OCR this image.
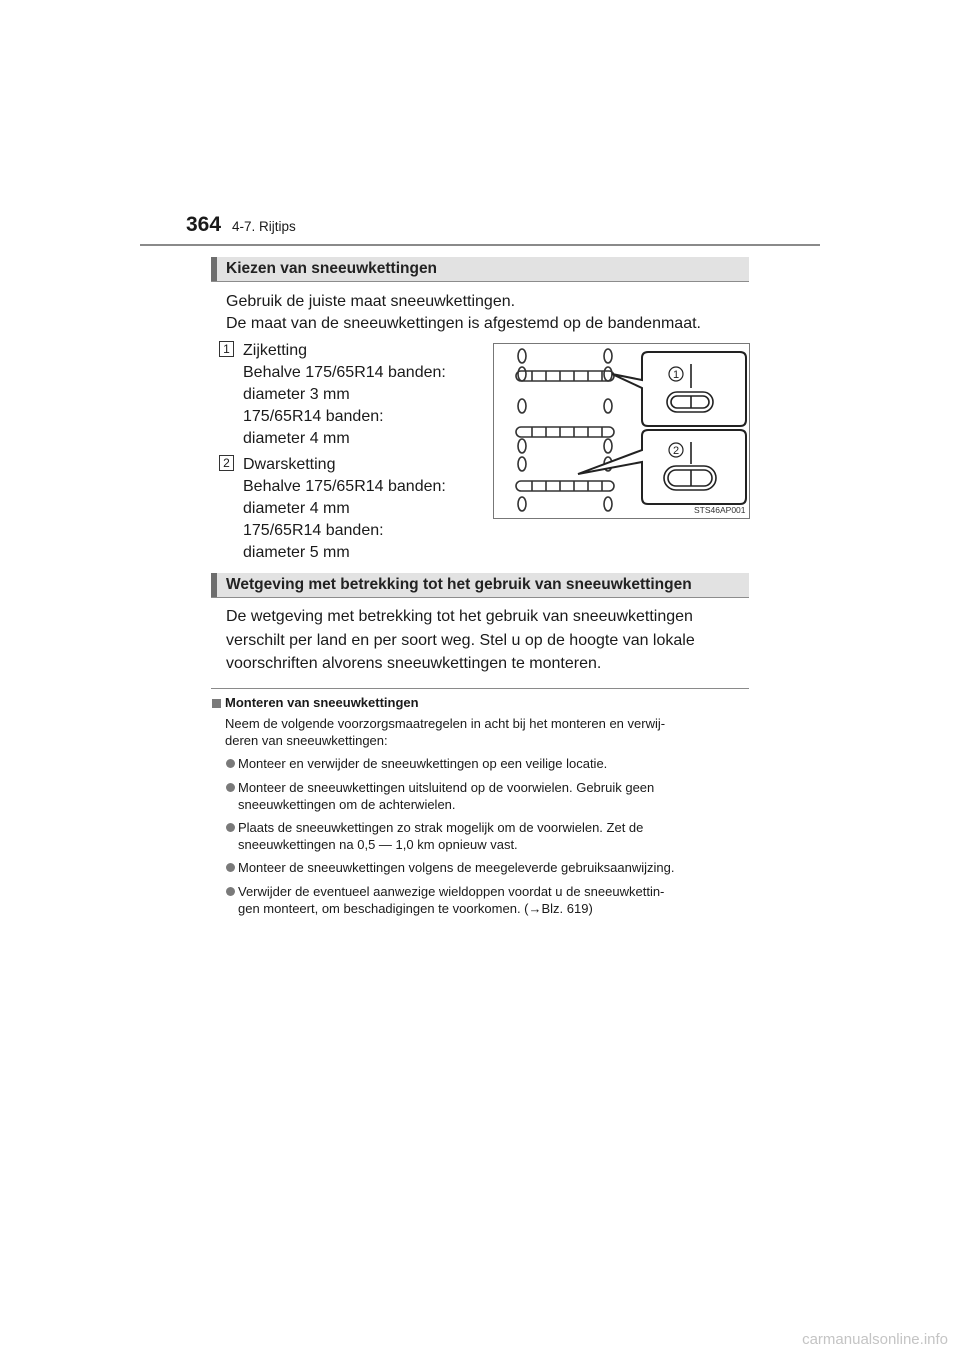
364 4-7. Rijtips
Kiezen van sneeuwkettingen
Gebruik de juiste maat sneeuwkettingen.
De maat van de sneeuwkettingen is afgestemd op de bandenmaat.
1 Zijketting
Behalve 175/65R14 banden:
diameter 3 mm
175/65R14 banden:
diameter 4 mm
2 Dwarsketting
Behalve 175/65R14 banden:
diameter 4 mm
175/65R14 banden:
diameter 5 mm
1
2
STS46AP001
Wetgeving met betrekking tot het gebruik van sneeuwkettingen
De wetgeving met betrekking tot het gebruik van sneeuwkettingen
verschilt per land en per soort weg. Stel u op de hoogte van lokale
voorschriften alvorens sneeuwkettingen te monteren.
Monteren van sneeuwkettingen
Neem de volgende voorzorgsmaatregelen in acht bij het monteren en verwij-
deren van sneeuwkettingen:
Monteer en verwijder de sneeuwkettingen op een veilige locatie.
Monteer de sneeuwkettingen uitsluitend op de voorwielen. Gebruik geen
sneeuwkettingen om de achterwielen.
Plaats de sneeuwkettingen zo strak mogelijk om de voorwielen. Zet de
sneeuwkettingen na 0,5 — 1,0 km opnieuw vast.
Monteer de sneeuwkettingen volgens de meegeleverde gebruiksaanwijzing.
Verwijder de eventueel aanwezige wieldoppen voordat u de sneeuwkettin-
gen monteert, om beschadigingen te voorkomen. (→Blz. 619)
carmanualsonline.info
